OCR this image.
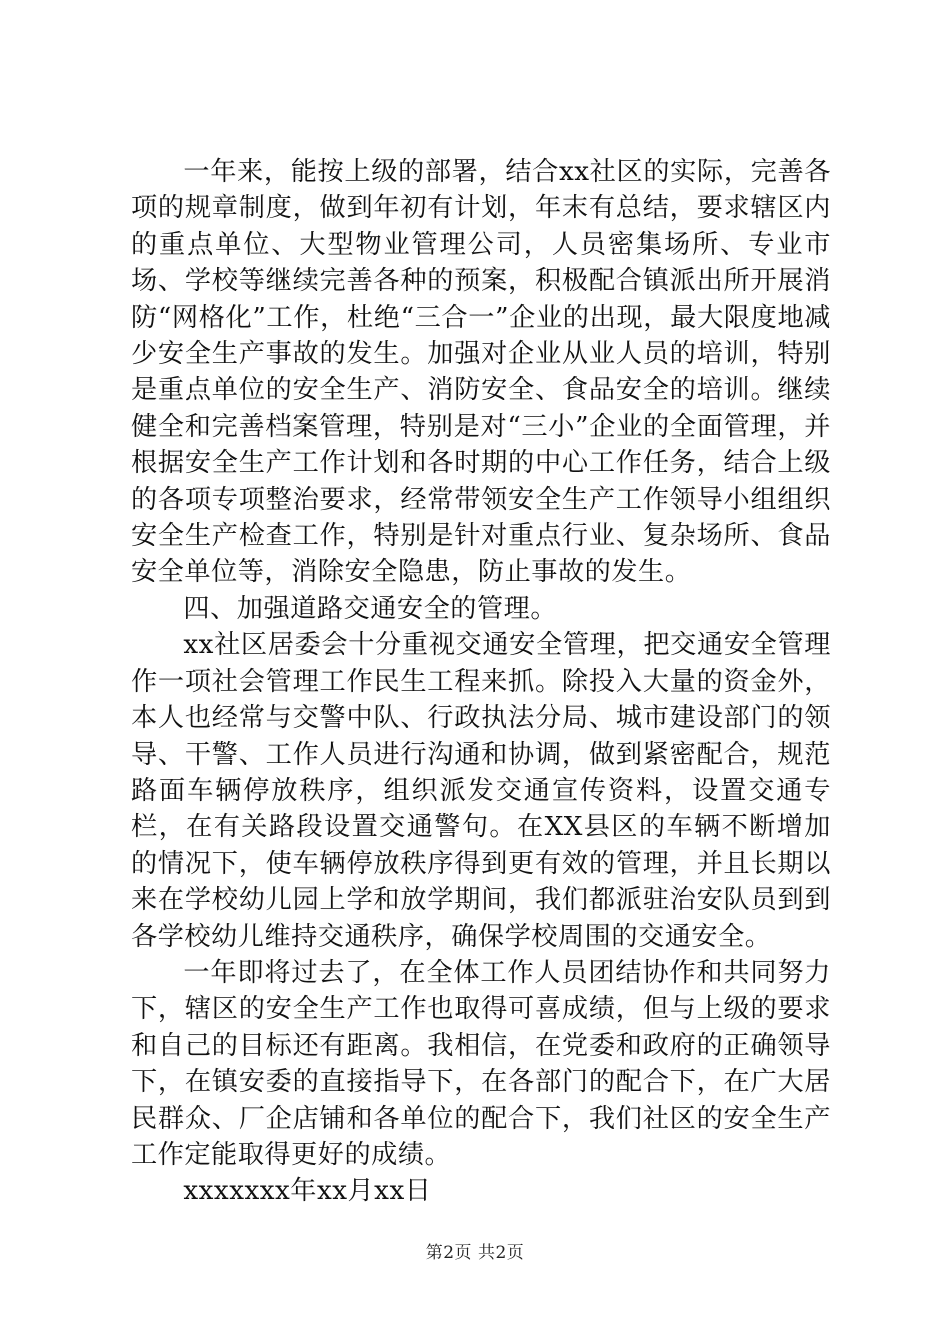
一年来，能按上级的部署，结合xx社区的实际，完善各项的规章制度，做到年初有计划，年末有总结，要求辖区内的重点单位、大型物业管理公司，人员密集场所、专业市场、学校等继续完善各种的预案，积极配合镇派出所开展消防“网格化”工作，杜绝“三合一”企业的出现，最大限度地减少安全生产事故的发生。加强对企业从业人员的培训，特别是重点单位的安全生产、消防安全、食品安全的培训。继续健全和完善档案管理，特别是对“三小”企业的全面管理，并根据安全生产工作计划和各时期的中心工作任务，结合上级的各项专项整治要求，经常带领安全生产工作领导小组组织安全生产检查工作，特别是针对重点行业、复杂场所、食品安全单位等，消除安全隐患，防止事故的发生。

四、加强道路交通安全的管理。

xx社区居委会十分重视交通安全管理，把交通安全管理作一项社会管理工作民生工程来抓。除投入大量的资金外，本人也经常与交警中队、行政执法分局、城市建设部门的领导、干警、工作人员进行沟通和协调，做到紧密配合，规范路面车辆停放秩序，组织派发交通宣传资料，设置交通专栏，在有关路段设置交通警句。在XX县区的车辆不断增加的情况下，使车辆停放秩序得到更有效的管理，并且长期以来在学校幼儿园上学和放学期间，我们都派驻治安队员到到各学校幼儿维持交通秩序，确保学校周围的交通安全。

一年即将过去了，在全体工作人员团结协作和共同努力下，辖区的安全生产工作也取得可喜成绩，但与上级的要求和自己的目标还有距离。我相信，在党委和政府的正确领导下，在镇安委的直接指导下，在各部门的配合下，在广大居民群众、厂企店铺和各单位的配合下，我们社区的安全生产工作定能取得更好的成绩。

xxxxxxx年xx月xx日

第2页 共2页
